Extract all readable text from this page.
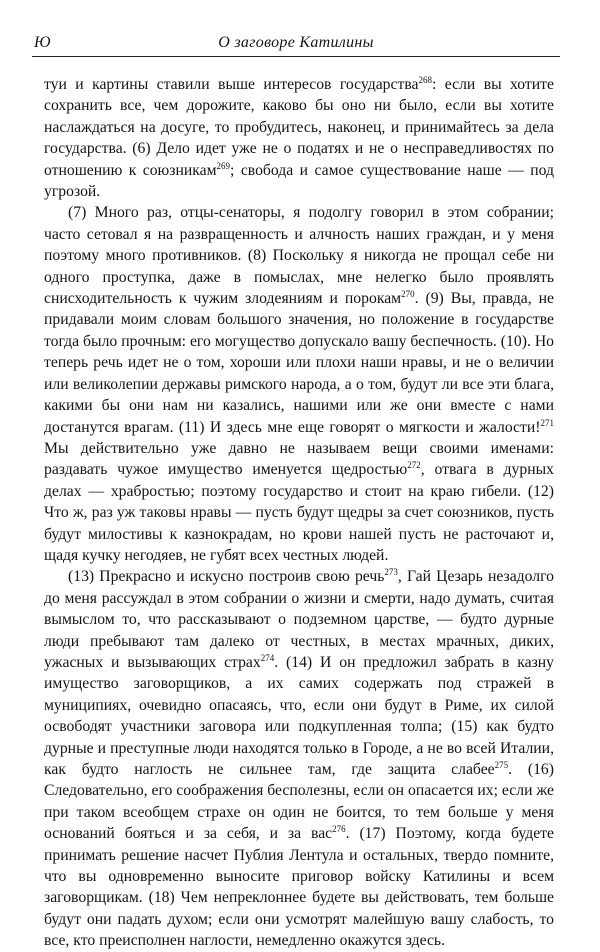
Ю	О заговоре Катилины

туи и картины ставили выше интересов государства$^{268}$: если вы хотите сохранить все, чем дорожите, каково бы оно ни было, если вы хотите наслаждаться на досуге, то пробудитесь, наконец, и принимайтесь за дела государства. (6) Дело идет уже не о податях и не о несправедливостях по отношению к союзникам$^{269}$; свобода и самое существование наше — под угрозой.

(7) Много раз, отцы-сенаторы, я подолгу говорил в этом собрании; часто сетовал я на развращенность и алчность наших граждан, и у меня поэтому много противников. (8) Поскольку я никогда не прощал себе ни одного проступка, даже в помыслах, мне нелегко было проявлять снисходительность к чужим злодеяниям и порокам$^{270}$. (9) Вы, правда, не придавали моим словам большого значения, но положение в государстве тогда было прочным: его могущество допускало вашу беспечность. (10). Но теперь речь идет не о том, хороши или плохи наши нравы, и не о величии или великолепии державы римского народа, а о том, будут ли все эти блага, какими бы они нам ни казались, нашими или же они вместе с нами достанутся врагам. (11) И здесь мне еще говорят о мягкости и жалости!$^{271}$ Мы действительно уже давно не называем вещи своими именами: раздавать чужое имущество именуется щедростью$^{272}$, отвага в дурных делах — храбростью; поэтому государство и стоит на краю гибели. (12) Что ж, раз уж таковы нравы — пусть будут щедры за счет союзников, пусть будут милостивы к казнокрадам, но крови нашей пусть не расточают и, щадя кучку негодяев, не губят всех честных людей.

(13) Прекрасно и искусно построив свою речь$^{273}$, Гай Цезарь незадолго до меня рассуждал в этом собрании о жизни и смерти, надо думать, считая вымыслом то, что рассказывают о подземном царстве, — будто дурные люди пребывают там далеко от честных, в местах мрачных, диких, ужасных и вызывающих страх$^{274}$. (14) И он предложил забрать в казну имущество заговорщиков, а их самих содержать под стражей в муниципиях, очевидно опасаясь, что, если они будут в Риме, их силой освободят участники заговора или подкупленная толпа; (15) как будто дурные и преступные люди находятся только в Городе, а не во всей Италии, как будто наглость не сильнее там, где защита слабее$^{275}$. (16) Следовательно, его соображения бесполезны, если он опасается их; если же при таком всеобщем страхе он один не боится, то тем больше у меня оснований бояться и за себя, и за вас$^{276}$. (17) Поэтому, когда будете принимать решение насчет Публия Лентула и остальных, твердо помните, что вы одновременно выносите приговор войску Катилины и всем заговорщикам. (18) Чем непреклоннее будете вы действовать, тем больше будут они падать духом; если они усмотрят малейшую вашу слабость, то все, кто преисполнен наглости, немедленно окажутся здесь.
